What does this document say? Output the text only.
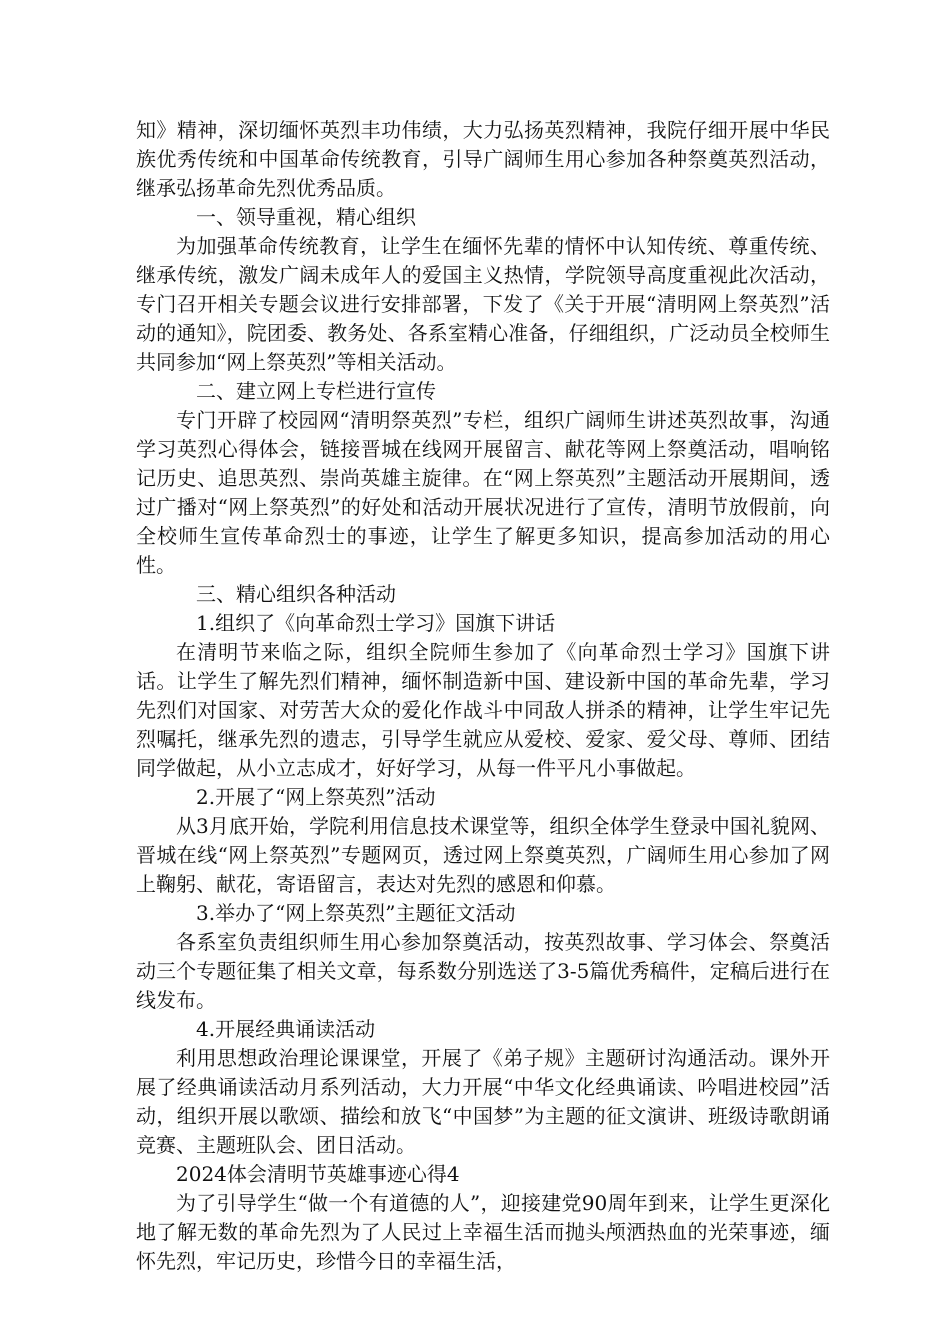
知》精神，深切缅怀英烈丰功伟绩，大力弘扬英烈精神，我院仔细开展中华民族优秀传统和中国革命传统教育，引导广阔师生用心参加各种祭奠英烈活动，继承弘扬革命先烈优秀品质。

一、领导重视，精心组织

为加强革命传统教育，让学生在缅怀先辈的情怀中认知传统、尊重传统、继承传统，激发广阔未成年人的爱国主义热情，学院领导高度重视此次活动，专门召开相关专题会议进行安排部署，下发了《关于开展“清明网上祭英烈”活动的通知》，院团委、教务处、各系室精心准备，仔细组织，广泛动员全校师生共同参加“网上祭英烈”等相关活动。

二、建立网上专栏进行宣传

专门开辟了校园网“清明祭英烈”专栏，组织广阔师生讲述英烈故事，沟通学习英烈心得体会，链接晋城在线网开展留言、献花等网上祭奠活动，唱响铭记历史、追思英烈、崇尚英雄主旋律。在“网上祭英烈”主题活动开展期间，透过广播对“网上祭英烈”的好处和活动开展状况进行了宣传，清明节放假前，向全校师生宣传革命烈士的事迹，让学生了解更多知识，提高参加活动的用心性。

三、精心组织各种活动

1.组织了《向革命烈士学习》国旗下讲话

在清明节来临之际，组织全院师生参加了《向革命烈士学习》国旗下讲话。让学生了解先烈们精神，缅怀制造新中国、建设新中国的革命先辈，学习先烈们对国家、对劳苦大众的爱化作战斗中同敌人拼杀的精神，让学生牢记先烈嘱托，继承先烈的遗志，引导学生就应从爱校、爱家、爱父母、尊师、团结同学做起，从小立志成才，好好学习，从每一件平凡小事做起。

2.开展了“网上祭英烈”活动

从3月底开始，学院利用信息技术课堂等，组织全体学生登录中国礼貌网、晋城在线“网上祭英烈”专题网页，透过网上祭奠英烈，广阔师生用心参加了网上鞠躬、献花，寄语留言，表达对先烈的感恩和仰慕。

3.举办了“网上祭英烈”主题征文活动

各系室负责组织师生用心参加祭奠活动，按英烈故事、学习体会、祭奠活动三个专题征集了相关文章，每系数分别选送了3-5篇优秀稿件，定稿后进行在线发布。

4.开展经典诵读活动

利用思想政治理论课课堂，开展了《弟子规》主题研讨沟通活动。课外开展了经典诵读活动月系列活动，大力开展“中华文化经典诵读、吟唱进校园”活动，组织开展以歌颂、描绘和放飞“中国梦”为主题的征文演讲、班级诗歌朗诵竞赛、主题班队会、团日活动。

2024体会清明节英雄事迹心得4

为了引导学生“做一个有道德的人”，迎接建党90周年到来，让学生更深化地了解无数的革命先烈为了人民过上幸福生活而抛头颅洒热血的光荣事迹，缅怀先烈，牢记历史，珍惜今日的幸福生活，
